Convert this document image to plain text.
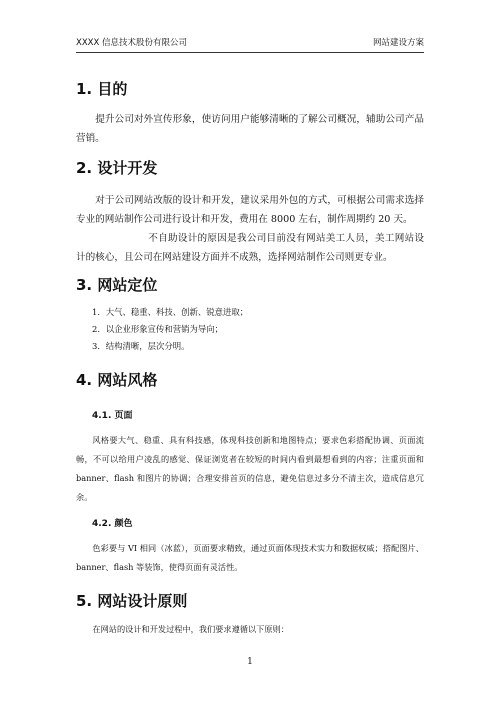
XXXX 信息技术股份有限公司	网站建设方案
1. 目的

提升公司对外宣传形象，使访问用户能够清晰的了解公司概况，辅助公司产品营销。

2. 设计开发

对于公司网站改版的设计和开发，建议采用外包的方式，可根据公司需求选择专业的网站制作公司进行设计和开发，费用在 8000 左右，制作周期约 20 天。

不自助设计的原因是我公司目前没有网站美工人员，美工网站设计的核心，且公司在网站建设方面并不成熟，选择网站制作公司则更专业。

3. 网站定位
1．大气、稳重、科技、创新、锐意进取；
2．以企业形象宣传和营销为导向；
3．结构清晰，层次分明。
4. 网站风格
4.1. 页面

风格要大气、稳重、具有科技感，体现科技创新和地图特点；要求色彩搭配协调、页面流畅，不可以给用户凌乱的感觉、保证浏览者在较短的时间内看到最想看到的内容；注重页面和 banner、flash 和图片的协调；合理安排首页的信息，避免信息过多分不清主次，造成信息冗余。

4.2. 颜色

色彩要与 VI 相同（冰蓝），页面要求精致，通过页面体现技术实力和数据权威；搭配图片、banner、flash 等装饰，使得页面有灵活性。

5. 网站设计原则

在网站的设计和开发过程中，我们要求遵循以下原则：

1
